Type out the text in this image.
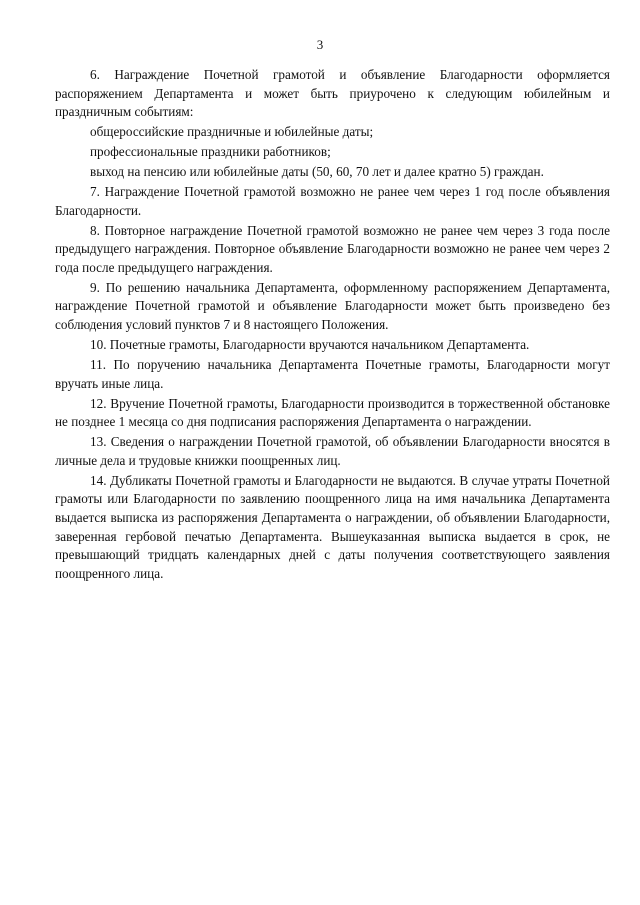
3

6. Награждение Почетной грамотой и объявление Благодарности оформляется распоряжением Департамента и может быть приурочено к следующим юбилейным и праздничным событиям:

общероссийские праздничные и юбилейные даты;

профессиональные праздники работников;

выход на пенсию или юбилейные даты (50, 60, 70 лет и далее кратно 5) граждан.

7. Награждение Почетной грамотой возможно не ранее чем через 1 год после объявления Благодарности.

8. Повторное награждение Почетной грамотой возможно не ранее чем через 3 года после предыдущего награждения. Повторное объявление Благодарности возможно не ранее чем через 2 года после предыдущего награждения.

9. По решению начальника Департамента, оформленному распоряжением Департамента, награждение Почетной грамотой и объявление Благодарности может быть произведено без соблюдения условий пунктов 7 и 8 настоящего Положения.

10. Почетные грамоты, Благодарности вручаются начальником Департамента.

11. По поручению начальника Департамента Почетные грамоты, Благодарности могут вручать иные лица.

12. Вручение Почетной грамоты, Благодарности производится в торжественной обстановке не позднее 1 месяца со дня подписания распоряжения Департамента о награждении.

13. Сведения о награждении Почетной грамотой, об объявлении Благодарности вносятся в личные дела и трудовые книжки поощренных лиц.

14. Дубликаты Почетной грамоты и Благодарности не выдаются. В случае утраты Почетной грамоты или Благодарности по заявлению поощренного лица на имя начальника Департамента выдается выписка из распоряжения Департамента о награждении, об объявлении Благодарности, заверенная гербовой печатью Департамента. Вышеуказанная выписка выдается в срок, не превышающий тридцать календарных дней с даты получения соответствующего заявления поощренного лица.
